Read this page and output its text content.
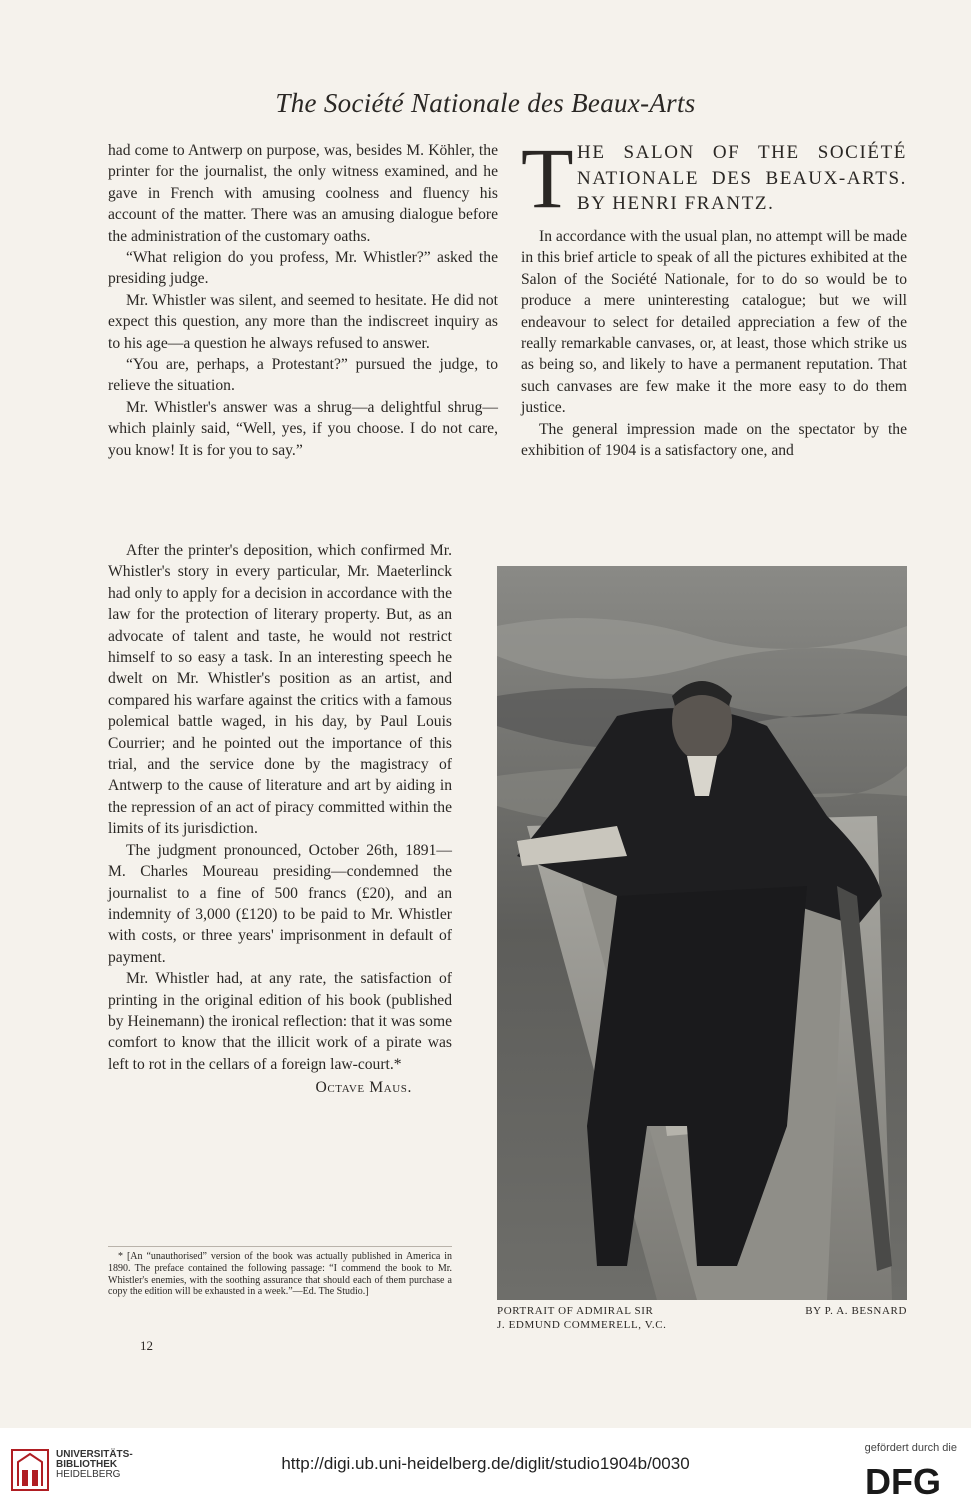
The Société Nationale des Beaux-Arts

had come to Antwerp on purpose, was, besides M. Köhler, the printer for the journalist, the only witness examined, and he gave in French with amusing coolness and fluency his account of the matter. There was an amusing dialogue before the administration of the customary oaths.

“What religion do you profess, Mr. Whistler?” asked the presiding judge.

Mr. Whistler was silent, and seemed to hesitate. He did not expect this question, any more than the indiscreet inquiry as to his age—a question he always refused to answer.

“You are, perhaps, a Protestant?” pursued the judge, to relieve the situation.

Mr. Whistler's answer was a shrug—a delightful shrug—which plainly said, “Well, yes, if you choose. I do not care, you know! It is for you to say.”

After the printer's deposition, which confirmed Mr. Whistler's story in every particular, Mr. Maeterlinck had only to apply for a decision in accordance with the law for the protection of literary property. But, as an advocate of talent and taste, he would not restrict himself to so easy a task. In an interesting speech he dwelt on Mr. Whistler's position as an artist, and compared his warfare against the critics with a famous polemical battle waged, in his day, by Paul Louis Courrier; and he pointed out the importance of this trial, and the service done by the magistracy of Antwerp to the cause of literature and art by aiding in the repression of an act of piracy committed within the limits of its jurisdiction.

The judgment pronounced, October 26th, 1891—M. Charles Moureau presiding—condemned the journalist to a fine of 500 francs (£20), and an indemnity of 3,000 (£120) to be paid to Mr. Whistler with costs, or three years' imprisonment in default of payment.

Mr. Whistler had, at any rate, the satisfaction of printing in the original edition of his book (published by Heinemann) the ironical reflection: that it was some comfort to know that the illicit work of a pirate was left to rot in the cellars of a foreign law-court.*

Octave Maus.

* [An “unauthorised” version of the book was actually published in America in 1890. The preface contained the following passage: “I commend the book to Mr. Whistler's enemies, with the soothing assurance that should each of them purchase a copy the edition will be exhausted in a week.”—Ed. The Studio.]

12
T HE SALON OF THE SOCIÉTÉ NATIONALE DES BEAUX-ARTS. BY HENRI FRANTZ.

In accordance with the usual plan, no attempt will be made in this brief article to speak of all the pictures exhibited at the Salon of the Société Nationale, for to do so would be to produce a mere uninteresting catalogue; but we will endeavour to select for detailed appreciation a few of the really remarkable canvases, or, at least, those which strike us as being so, and likely to have a permanent reputation. That such canvases are few make it the more easy to do them justice.

The general impression made on the spectator by the exhibition of 1904 is a satisfactory one, and

PORTRAIT OF ADMIRAL SIR
J. EDMUND COMMERELL, V.C.
BY P. A. BESNARD
UNIVERSITÄTS-
BIBLIOTHEK
HEIDELBERG
http://digi.ub.uni-heidelberg.de/diglit/studio1904b/0030
gefördert durch die
DFG
